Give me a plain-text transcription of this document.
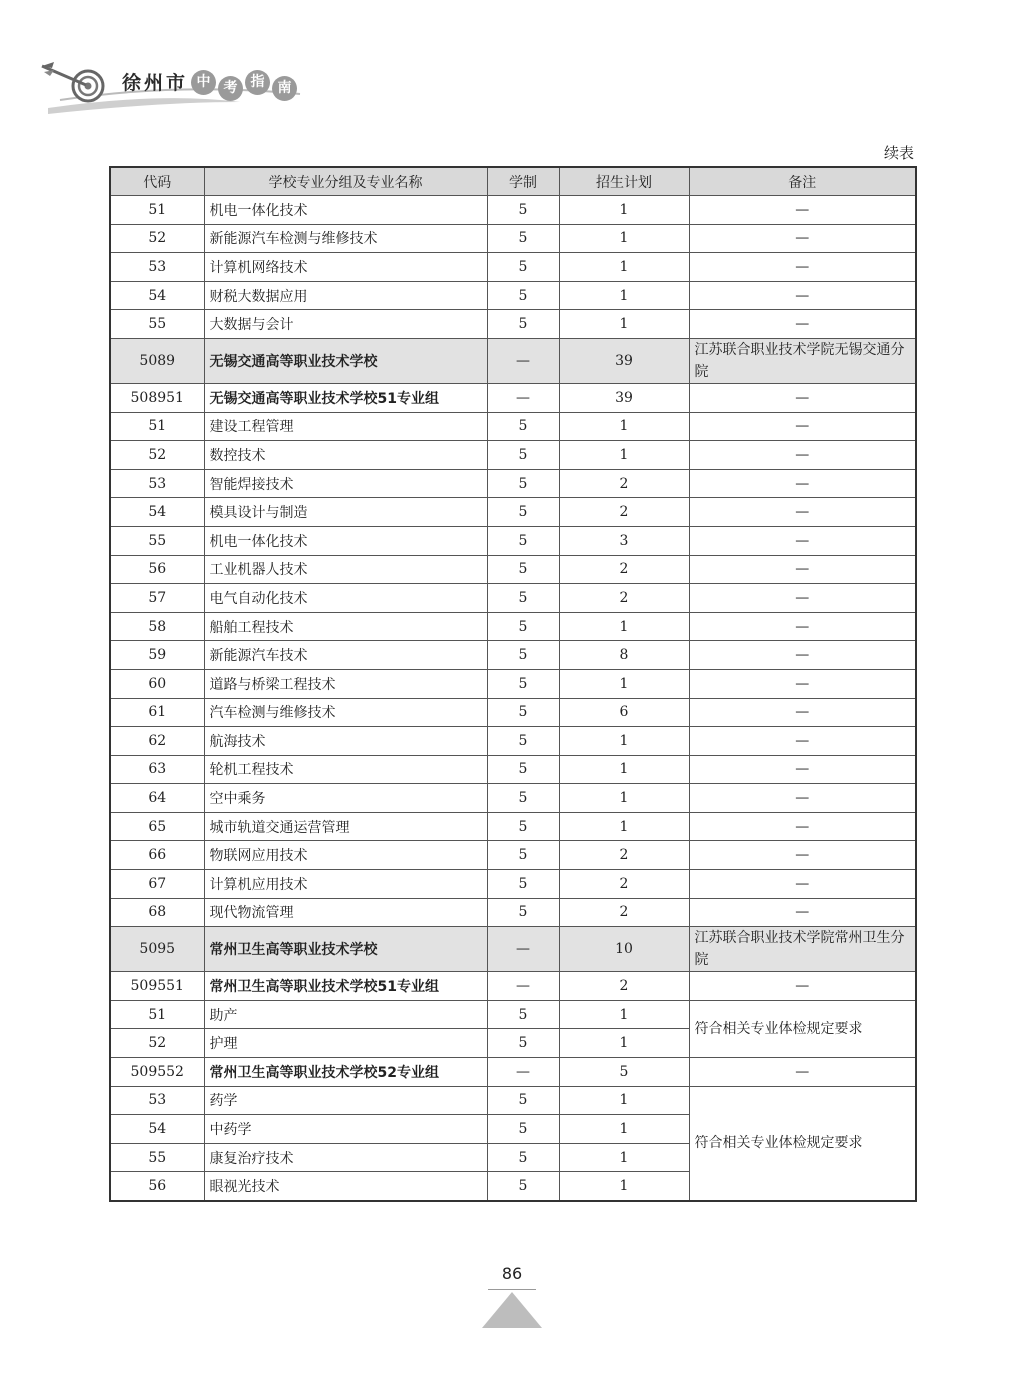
徐州市 中 考 指 南
续表
代码	学校专业分组及专业名称	学制	招生计划	备注
51	机电一体化技术	5	1	—
52	新能源汽车检测与维修技术	5	1	—
53	计算机网络技术	5	1	—
54	财税大数据应用	5	1	—
55	大数据与会计	5	1	—
5089	无锡交通高等职业技术学校	—	39	江苏联合职业技术学院无锡交通分院
508951	无锡交通高等职业技术学校51专业组	—	39	—
51	建设工程管理	5	1	—
52	数控技术	5	1	—
53	智能焊接技术	5	2	—
54	模具设计与制造	5	2	—
55	机电一体化技术	5	3	—
56	工业机器人技术	5	2	—
57	电气自动化技术	5	2	—
58	船舶工程技术	5	1	—
59	新能源汽车技术	5	8	—
60	道路与桥梁工程技术	5	1	—
61	汽车检测与维修技术	5	6	—
62	航海技术	5	1	—
63	轮机工程技术	5	1	—
64	空中乘务	5	1	—
65	城市轨道交通运营管理	5	1	—
66	物联网应用技术	5	2	—
67	计算机应用技术	5	2	—
68	现代物流管理	5	2	—
5095	常州卫生高等职业技术学校	—	10	江苏联合职业技术学院常州卫生分院
509551	常州卫生高等职业技术学校51专业组	—	2	—
51	助产	5	1	符合相关专业体检规定要求
52	护理	5	1	
509552	常州卫生高等职业技术学校52专业组	—	5	—
53	药学	5	1	符合相关专业体检规定要求
54	中药学	5	1	
55	康复治疗技术	5	1	
56	眼视光技术	5	1	
86
